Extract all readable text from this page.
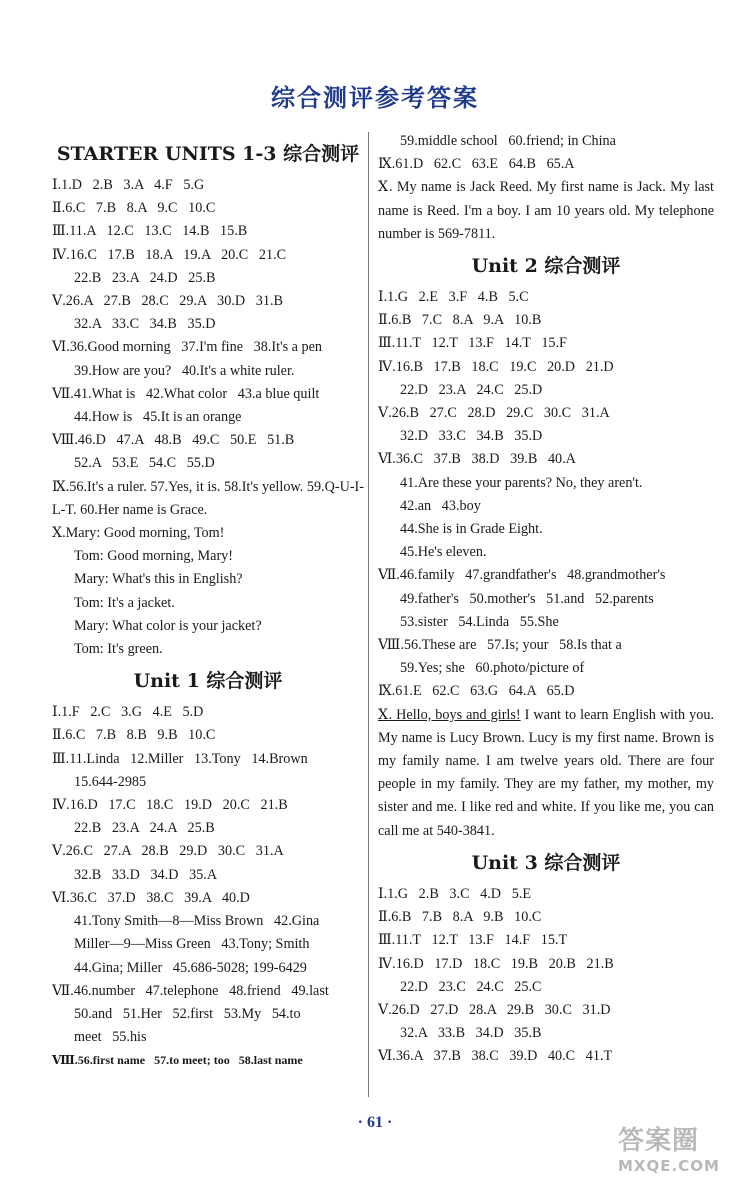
综合测评参考答案
STARTER UNITS 1-3 综合测评
Ⅰ.1.D   2.B   3.A   4.F   5.G
Ⅱ.6.C   7.B   8.A   9.C   10.C
Ⅲ.11.A   12.C   13.C   14.B   15.B
Ⅳ.16.C   17.B   18.A   19.A   20.C   21.C
22.B   23.A   24.D   25.B
Ⅴ.26.A   27.B   28.C   29.A   30.D   31.B
32.A   33.C   34.B   35.D
Ⅵ.36.Good morning   37.I'm fine   38.It's a pen
39.How are you?   40.It's a white ruler.
Ⅶ.41.What is   42.What color   43.a blue quilt
44.How is   45.It is an orange
Ⅷ.46.D   47.A   48.B   49.C   50.E   51.B
52.A   53.E   54.C   55.D
Ⅸ.56.It's a ruler. 57.Yes, it is. 58.It's yellow. 59.Q-U-I-L-T. 60.Her name is Grace.
Ⅹ.Mary: Good morning, Tom!
Tom: Good morning, Mary!
Mary: What's this in English?
Tom: It's a jacket.
Mary: What color is your jacket?
Tom: It's green.
Unit 1 综合测评
Ⅰ.1.F   2.C   3.G   4.E   5.D
Ⅱ.6.C   7.B   8.B   9.B   10.C
Ⅲ.11.Linda   12.Miller   13.Tony   14.Brown
15.644-2985
Ⅳ.16.D   17.C   18.C   19.D   20.C   21.B
22.B   23.A   24.A   25.B
Ⅴ.26.C   27.A   28.B   29.D   30.C   31.A
32.B   33.D   34.D   35.A
Ⅵ.36.C   37.D   38.C   39.A   40.D
41.Tony Smith—8—Miss Brown   42.Gina
Miller—9—Miss Green   43.Tony; Smith
44.Gina; Miller   45.686-5028; 199-6429
Ⅶ.46.number   47.telephone   48.friend   49.last
50.and   51.Her   52.first   53.My   54.to
meet   55.his
Ⅷ.56.first name   57.to meet; too   58.last name
59.middle school   60.friend; in China
Ⅸ.61.D   62.C   63.E   64.B   65.A
Ⅹ. My name is Jack Reed. My first name is Jack. My last name is Reed. I'm a boy. I am 10 years old. My telephone number is 569-7811.
Unit 2 综合测评
Ⅰ.1.G   2.E   3.F   4.B   5.C
Ⅱ.6.B   7.C   8.A   9.A   10.B
Ⅲ.11.T   12.T   13.F   14.T   15.F
Ⅳ.16.B   17.B   18.C   19.C   20.D   21.D
22.D   23.A   24.C   25.D
Ⅴ.26.B   27.C   28.D   29.C   30.C   31.A
32.D   33.C   34.B   35.D
Ⅵ.36.C   37.B   38.D   39.B   40.A
41.Are these your parents? No, they aren't.
42.an   43.boy
44.She is in Grade Eight.
45.He's eleven.
Ⅶ.46.family   47.grandfather's   48.grandmother's
49.father's   50.mother's   51.and   52.parents
53.sister   54.Linda   55.She
Ⅷ.56.These are   57.Is; your   58.Is that a
59.Yes; she   60.photo/picture of
Ⅸ.61.E   62.C   63.G   64.A   65.D
Ⅹ. Hello, boys and girls! I want to learn English with you. My name is Lucy Brown. Lucy is my first name. Brown is my family name. I am twelve years old. There are four people in my family. They are my father, my mother, my sister and me. I like red and white. If you like me, you can call me at 540-3841.
Unit 3 综合测评
Ⅰ.1.G   2.B   3.C   4.D   5.E
Ⅱ.6.B   7.B   8.A   9.B   10.C
Ⅲ.11.T   12.T   13.F   14.F   15.T
Ⅳ.16.D   17.D   18.C   19.B   20.B   21.B
22.D   23.C   24.C   25.C
Ⅴ.26.D   27.D   28.A   29.B   30.C   31.D
32.A   33.B   34.D   35.B
Ⅵ.36.A   37.B   38.C   39.D   40.C   41.T
· 61 ·
答案圈
MXQE.COM
